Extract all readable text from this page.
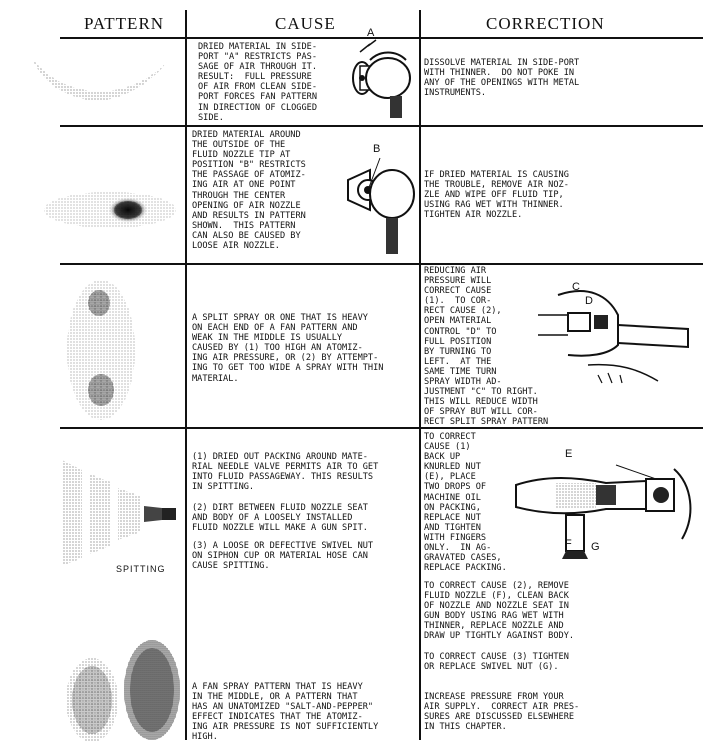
PATTERN	CAUSE	CORRECTION
DRIED MATERIAL IN SIDE-
PORT "A" RESTRICTS PAS-
SAGE OF AIR THROUGH IT.
RESULT:  FULL PRESSURE
OF AIR FROM CLEAN SIDE-
PORT FORCES FAN PATTERN
IN DIRECTION OF CLOGGED
SIDE.
A
DISSOLVE MATERIAL IN SIDE-PORT
WITH THINNER.  DO NOT POKE IN
ANY OF THE OPENINGS WITH METAL
INSTRUMENTS.
DRIED MATERIAL AROUND
THE OUTSIDE OF THE
FLUID NOZZLE TIP AT
POSITION "B" RESTRICTS
THE PASSAGE OF ATOMIZ-
ING AIR AT ONE POINT
THROUGH THE CENTER
OPENING OF AIR NOZZLE
AND RESULTS IN PATTERN
SHOWN.  THIS PATTERN
CAN ALSO BE CAUSED BY
LOOSE AIR NOZZLE.
B
IF DRIED MATERIAL IS CAUSING
THE TROUBLE, REMOVE AIR NOZ-
ZLE AND WIPE OFF FLUID TIP,
USING RAG WET WITH THINNER.
TIGHTEN AIR NOZZLE.
A SPLIT SPRAY OR ONE THAT IS HEAVY
ON EACH END OF A FAN PATTERN AND
WEAK IN THE MIDDLE IS USUALLY
CAUSED BY (1) TOO HIGH AN ATOMIZ-
ING AIR PRESSURE, OR (2) BY ATTEMPT-
ING TO GET TOO WIDE A SPRAY WITH THIN
MATERIAL.
REDUCING AIR
PRESSURE WILL
CORRECT CAUSE
(1).  TO COR-
RECT CAUSE (2),
OPEN MATERIAL
CONTROL "D" TO
FULL POSITION
BY TURNING TO
LEFT.  AT THE
SAME TIME TURN
SPRAY WIDTH AD-
JUSTMENT "C" TO RIGHT.
THIS WILL REDUCE WIDTH
OF SPRAY BUT WILL COR-
RECT SPLIT SPRAY PATTERN
C
D
SPITTING
(1) DRIED OUT PACKING AROUND MATE-
RIAL NEEDLE VALVE PERMITS AIR TO GET
INTO FLUID PASSAGEWAY. THIS RESULTS
IN SPITTING.
(2) DIRT BETWEEN FLUID NOZZLE SEAT
AND BODY OF A LOOSELY INSTALLED
FLUID NOZZLE WILL MAKE A GUN SPIT.
(3) A LOOSE OR DEFECTIVE SWIVEL NUT
ON SIPHON CUP OR MATERIAL HOSE CAN
CAUSE SPITTING.
TO CORRECT
CAUSE (1)
BACK UP
KNURLED NUT
(E), PLACE
TWO DROPS OF
MACHINE OIL
ON PACKING,
REPLACE NUT
AND TIGHTEN
WITH FINGERS
ONLY.  IN AG-
GRAVATED CASES,
REPLACE PACKING.
E
F G
TO CORRECT CAUSE (2), REMOVE
FLUID NOZZLE (F), CLEAN BACK
OF NOZZLE AND NOZZLE SEAT IN
GUN BODY USING RAG WET WITH
THINNER, REPLACE NOZZLE AND
DRAW UP TIGHTLY AGAINST BODY.
TO CORRECT CAUSE (3) TIGHTEN
OR REPLACE SWIVEL NUT (G).
A FAN SPRAY PATTERN THAT IS HEAVY
IN THE MIDDLE, OR A PATTERN THAT
HAS AN UNATOMIZED "SALT-AND-PEPPER"
EFFECT INDICATES THAT THE ATOMIZ-
ING AIR PRESSURE IS NOT SUFFICIENTLY
HIGH.
INCREASE PRESSURE FROM YOUR
AIR SUPPLY.  CORRECT AIR PRES-
SURES ARE DISCUSSED ELSEWHERE
IN THIS CHAPTER.
